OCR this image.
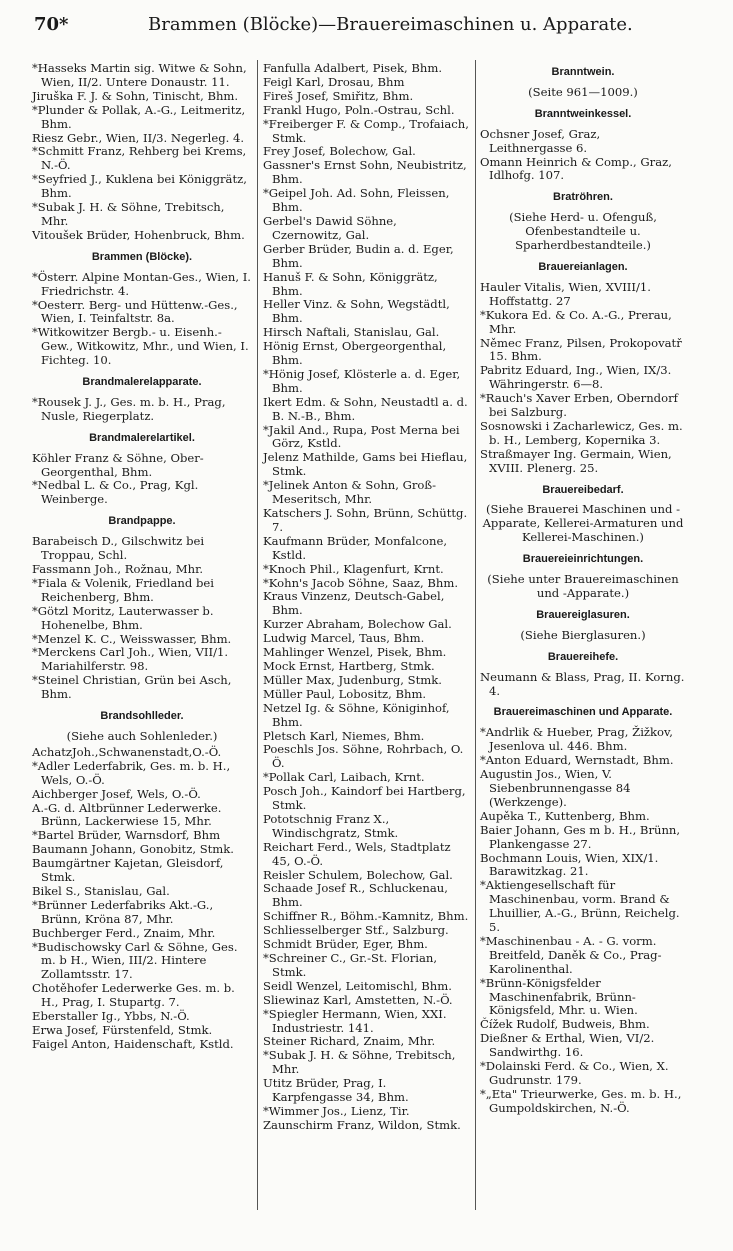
70*	Brammen (Blöcke)—Brauereimaschinen u. Apparate.

*Hasseks Martin sig. Witwe & Sohn, Wien, II/2. Untere Donaustr. 11.

Jiruška F. J. & Sohn, Tinischt, Bhm.

*Plunder & Pollak, A.-G., Leitmeritz, Bhm.

Riesz Gebr., Wien, II/3. Negerleg. 4.

*Schmitt Franz, Rehberg bei Krems, N.-Ö.

*Seyfried J., Kuklena bei Königgrätz, Bhm.

*Subak J. H. & Söhne, Trebitsch, Mhr.

Vitoušek Brüder, Hohenbruck, Bhm.

Brammen (Blöcke).

*Österr. Alpine Montan-Ges., Wien, I. Friedrichstr. 4.

*Oesterr. Berg- und Hüttenw.-Ges., Wien, I. Teinfaltstr. 8a.

*Witkowitzer Bergb.- u. Eisenh.-Gew., Witkowitz, Mhr., und Wien, I. Fichteg. 10.

Brandmalerelapparate.

*Rousek J. J., Ges. m. b. H., Prag, Nusle, Riegerplatz.

Brandmalerelartikel.

Köhler Franz & Söhne, Ober-Georgenthal, Bhm.

*Nedbal L. & Co., Prag, Kgl. Weinberge.

Brandpappe.

Barabeisch D., Gilschwitz bei Troppau, Schl.

Fassmann Joh., Rožnau, Mhr.

*Fiala & Volenik, Friedland bei Reichenberg, Bhm.

*Götzl Moritz, Lauterwasser b. Hohenelbe, Bhm.

*Menzel K. C., Weisswasser, Bhm.

*Merckens Carl Joh., Wien, VII/1. Mariahilferstr. 98.

*Steinel Christian, Grün bei Asch, Bhm.

Brandsohlleder.

(Siehe auch Sohlenleder.)

AchatzJoh.,Schwanenstadt,O.-Ö.

*Adler Lederfabrik, Ges. m. b. H., Wels, O.-Ö.

Aichberger Josef, Wels, O.-Ö.

A.-G. d. Altbrünner Lederwerke. Brünn, Lackerwiese 15, Mhr.

*Bartel Brüder, Warnsdorf, Bhm

Baumann Johann, Gonobitz, Stmk.

Baumgärtner Kajetan, Gleisdorf, Stmk.

Bikel S., Stanislau, Gal.

*Brünner Lederfabriks Akt.-G., Brünn, Kröna 87, Mhr.

Buchberger Ferd., Znaim, Mhr.

*Budischowsky Carl & Söhne, Ges. m. b H., Wien, III/2. Hintere Zollamtsstr. 17.

Chotěhofer Lederwerke Ges. m. b. H., Prag, I. Stupartg. 7.

Eberstaller Ig., Ybbs, N.-Ö.

Erwa Josef, Fürstenfeld, Stmk.

Faigel Anton, Haidenschaft, Kstld.

Fanfulla Adalbert, Pisek, Bhm.

Feigl Karl, Drosau, Bhm

Fireš Josef, Smiřitz, Bhm.

Frankl Hugo, Poln.-Ostrau, Schl.

*Freiberger F. & Comp., Trofaiach, Stmk.

Frey Josef, Bolechow, Gal.

Gassner's Ernst Sohn, Neubistritz, Bhm.

*Geipel Joh. Ad. Sohn, Fleissen, Bhm.

Gerbel's Dawid Söhne, Czernowitz, Gal.

Gerber Brüder, Budin a. d. Eger, Bhm.

Hanuš F. & Sohn, Königgrätz, Bhm.

Heller Vinz. & Sohn, Wegstädtl, Bhm.

Hirsch Naftali, Stanislau, Gal.

Hönig Ernst, Obergeorgenthal, Bhm.

*Hönig Josef, Klösterle a. d. Eger, Bhm.

Ikert Edm. & Sohn, Neustadtl a. d. B. N.-B., Bhm.

*Jakil And., Rupa, Post Merna bei Görz, Kstld.

Jelenz Mathilde, Gams bei Hieflau, Stmk.

*Jelinek Anton & Sohn, Groß-Meseritsch, Mhr.

Katschers J. Sohn, Brünn, Schüttg. 7.

Kaufmann Brüder, Monfalcone, Kstld.

*Knoch Phil., Klagenfurt, Krnt.

*Kohn's Jacob Söhne, Saaz, Bhm.

Kraus Vinzenz, Deutsch-Gabel, Bhm.

Kurzer Abraham, Bolechow Gal.

Ludwig Marcel, Taus, Bhm.

Mahlinger Wenzel, Pisek, Bhm.

Mock Ernst, Hartberg, Stmk.

Müller Max, Judenburg, Stmk.

Müller Paul, Lobositz, Bhm.

Netzel Ig. & Söhne, Königinhof, Bhm.

Pletsch Karl, Niemes, Bhm.

Poeschls Jos. Söhne, Rohrbach, O. Ö.

*Pollak Carl, Laibach, Krnt.

Posch Joh., Kaindorf bei Hartberg, Stmk.

Pototschnig Franz X., Windischgratz, Stmk.

Reichart Ferd., Wels, Stadtplatz 45, O.-Ö.

Reisler Schulem, Bolechow, Gal.

Schaade Josef R., Schluckenau, Bhm.

Schiffner R., Böhm.-Kamnitz, Bhm.

Schliesselberger Stf., Salzburg.

Schmidt Brüder, Eger, Bhm.

*Schreiner C., Gr.-St. Florian, Stmk.

Seidl Wenzel, Leitomischl, Bhm.

Sliewinaz Karl, Amstetten, N.-Ö.

*Spiegler Hermann, Wien, XXI. Industriestr. 141.

Steiner Richard, Znaim, Mhr.

*Subak J. H. & Söhne, Trebitsch, Mhr.

Utitz Brüder, Prag, I. Karpfengasse 34, Bhm.

*Wimmer Jos., Lienz, Tir.

Zaunschirm Franz, Wildon, Stmk.

Branntwein.

(Seite 961—1009.)

Branntweinkessel.

Ochsner Josef, Graz, Leithnergasse 6.

Omann Heinrich & Comp., Graz, Idlhofg. 107.

Bratröhren.

(Siehe Herd- u. Ofenguß, Ofenbestandteile u. Sparherdbestandteile.)

Brauereianlagen.

Hauler Vitalis, Wien, XVIII/1. Hoffstattg. 27

*Kukora Ed. & Co. A.-G., Prerau, Mhr.

Němec Franz, Pilsen, Prokopovatř 15. Bhm.

Pabritz Eduard, Ing., Wien, IX/3. Währingerstr. 6—8.

*Rauch's Xaver Erben, Oberndorf bei Salzburg.

Sosnowski i Zacharlewicz, Ges. m. b. H., Lemberg, Kopernika 3.

Straßmayer Ing. Germain, Wien, XVIII. Plenerg. 25.

Brauereibedarf.

(Siehe Brauerei Maschinen und -Apparate, Kellerei-Armaturen und Kellerei-Maschinen.)

Brauereieinrichtungen.

(Siehe unter Brauereimaschinen und -Apparate.)

Brauereiglasuren.

(Siehe Bierglasuren.)

Brauereihefe.

Neumann & Blass, Prag, II. Korng. 4.

Brauereimaschinen und Apparate.

*Andrlik & Hueber, Prag, Žižkov, Jesenlova ul. 446. Bhm.

*Anton Eduard, Wernstadt, Bhm.

Augustin Jos., Wien, V. Siebenbrunnengasse 84 (Werkzenge).

Aupěka T., Kuttenberg, Bhm.

Baier Johann, Ges m b. H., Brünn, Plankengasse 27.

Bochmann Louis, Wien, XIX/1. Barawitzkag. 21.

*Aktiengesellschaft für Maschinenbau, vorm. Brand & Lhuillier, A.-G., Brünn, Reichelg. 5.

*Maschinenbau - A. - G. vorm. Breitfeld, Daněk & Co., Prag-Karolinenthal.

*Brünn-Königsfelder Maschinenfabrik, Brünn-Königsfeld, Mhr. u. Wien.

Čížek Rudolf, Budweis, Bhm.

Dießner & Erthal, Wien, VI/2. Sandwirthg. 16.

*Dolainski Ferd. & Co., Wien, X. Gudrunstr. 179.

*„Eta" Trieurwerke, Ges. m. b. H., Gumpoldskirchen, N.-Ö.
